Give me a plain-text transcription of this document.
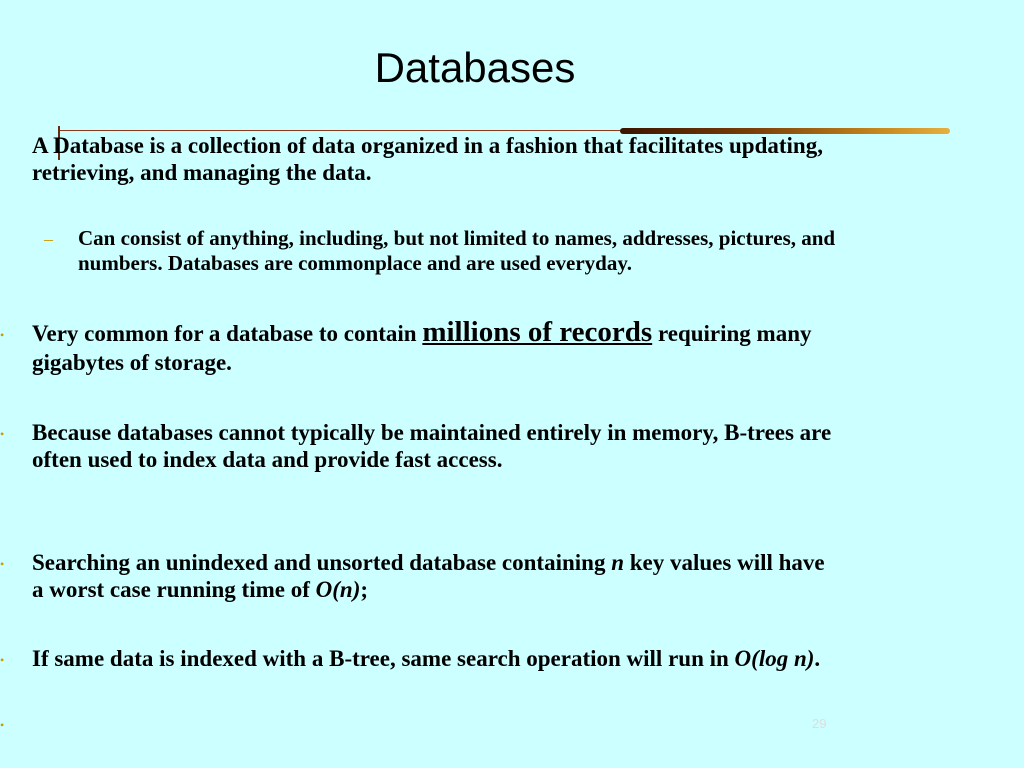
Databases
A Database is a collection of data organized in a fashion that facilitates updating,
retrieving, and managing the data.
– Can consist of anything, including, but not limited to names, addresses, pictures, and
numbers. Databases are commonplace and are used everyday.
• Very common for a database to contain millions of records requiring many
gigabytes of storage.
• Because databases cannot typically be maintained entirely in memory, B-trees are
often used to index data and provide fast access.
• Searching an unindexed and unsorted database containing n key values will have
a worst case running time of O(n);
• If same data is indexed with a B-tree, same search operation will run in O(log n).
•	29
